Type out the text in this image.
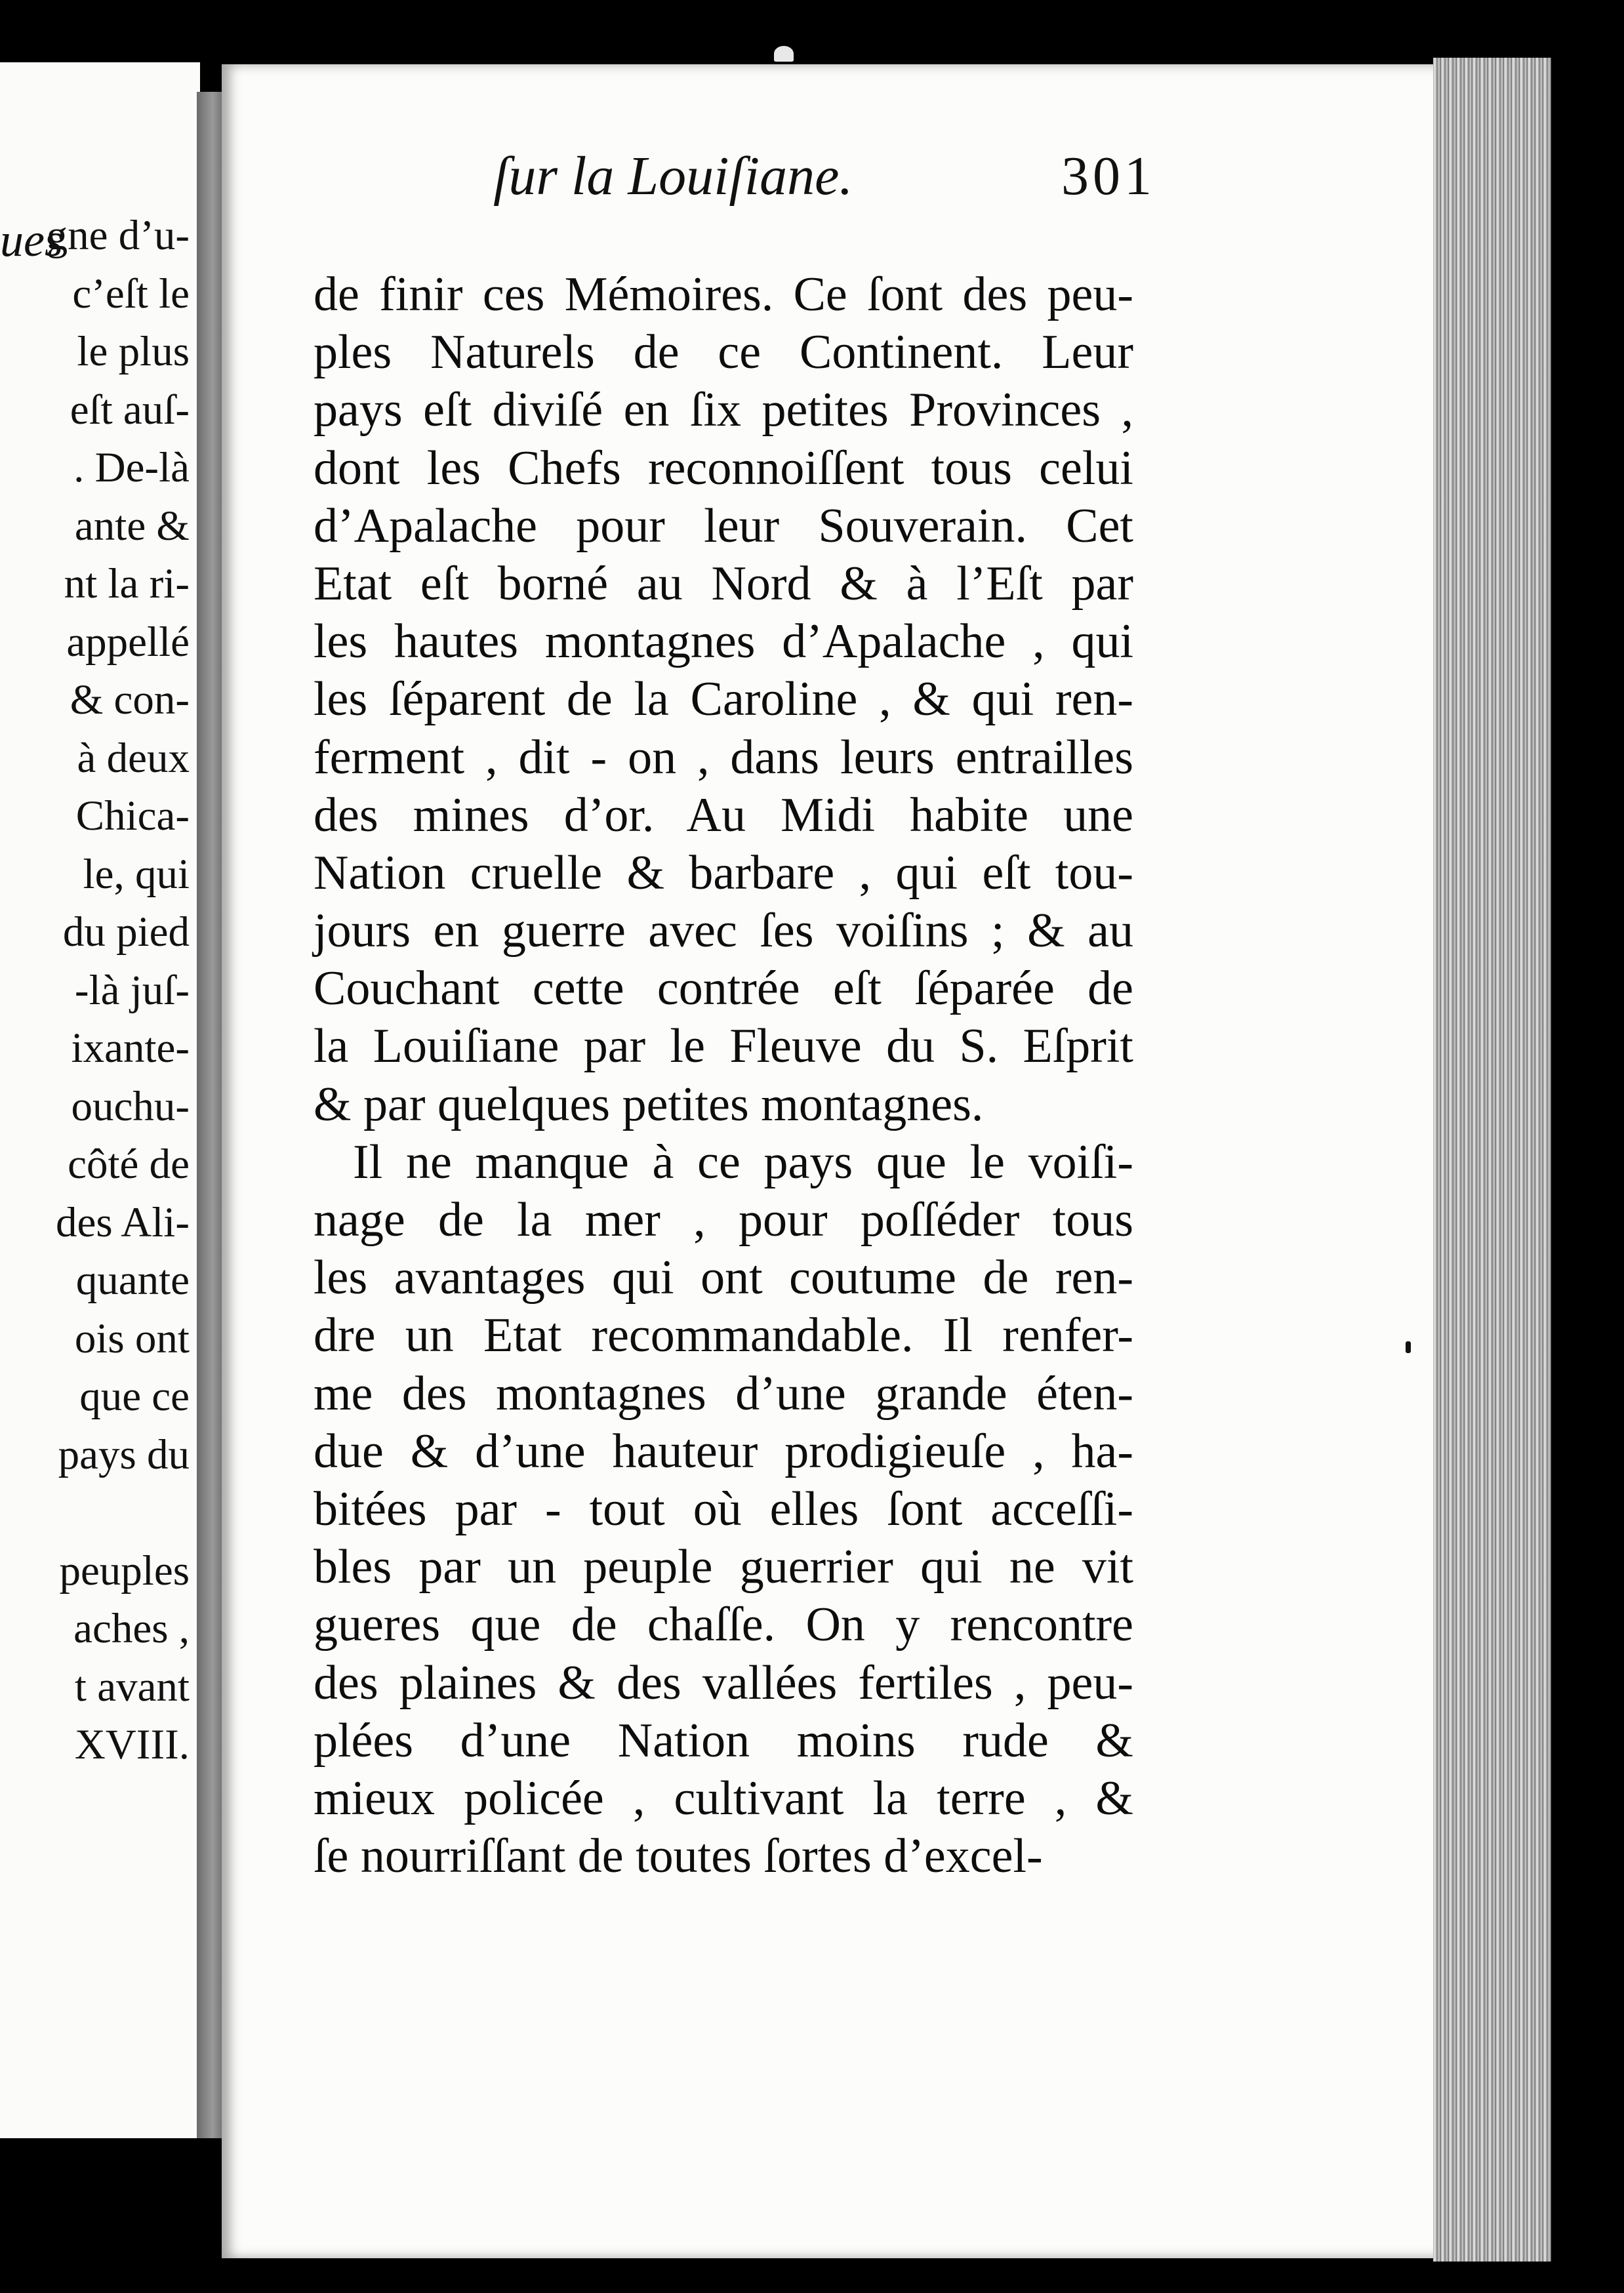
ues
gne d’u-
c’eſt le
le plus
eſt auſ-
. De-là
ante &
nt la ri-
appellé
& con-
à deux
Chica-
le, qui
du pied
-là juſ-
ixante-
ouchu-
côté de
des Ali-
quante
ois ont
que ce
pays du
peuples
aches ,
t avant
XVIII.
ſur la Louiſiane.	301
de finir ces Mémoires. Ce ſont des peu-
ples Naturels de ce Continent. Leur
pays eſt diviſé en ſix petites Provinces ,
dont les Chefs reconnoiſſent tous celui
d’Apalache pour leur Souverain. Cet
Etat eſt borné au Nord & à l’Eſt par
les hautes montagnes d’Apalache , qui
les ſéparent de la Caroline , & qui ren-
ferment , dit - on , dans leurs entrailles
des mines d’or. Au Midi habite une
Nation cruelle & barbare , qui eſt tou-
jours en guerre avec ſes voiſins ; & au
Couchant cette contrée eſt ſéparée de
la Louiſiane par le Fleuve du S. Eſprit
& par quelques petites montagnes.
Il ne manque à ce pays que le voiſi-
nage de la mer , pour poſſéder tous
les avantages qui ont coutume de ren-
dre un Etat recommandable. Il renfer-
me des montagnes d’une grande éten-
due & d’une hauteur prodigieuſe , ha-
bitées par - tout où elles ſont acceſſi-
bles par un peuple guerrier qui ne vit
gueres que de chaſſe. On y rencontre
des plaines & des vallées fertiles , peu-
plées d’une Nation moins rude &
mieux policée , cultivant la terre , &
ſe nourriſſant de toutes ſortes d’excel-
